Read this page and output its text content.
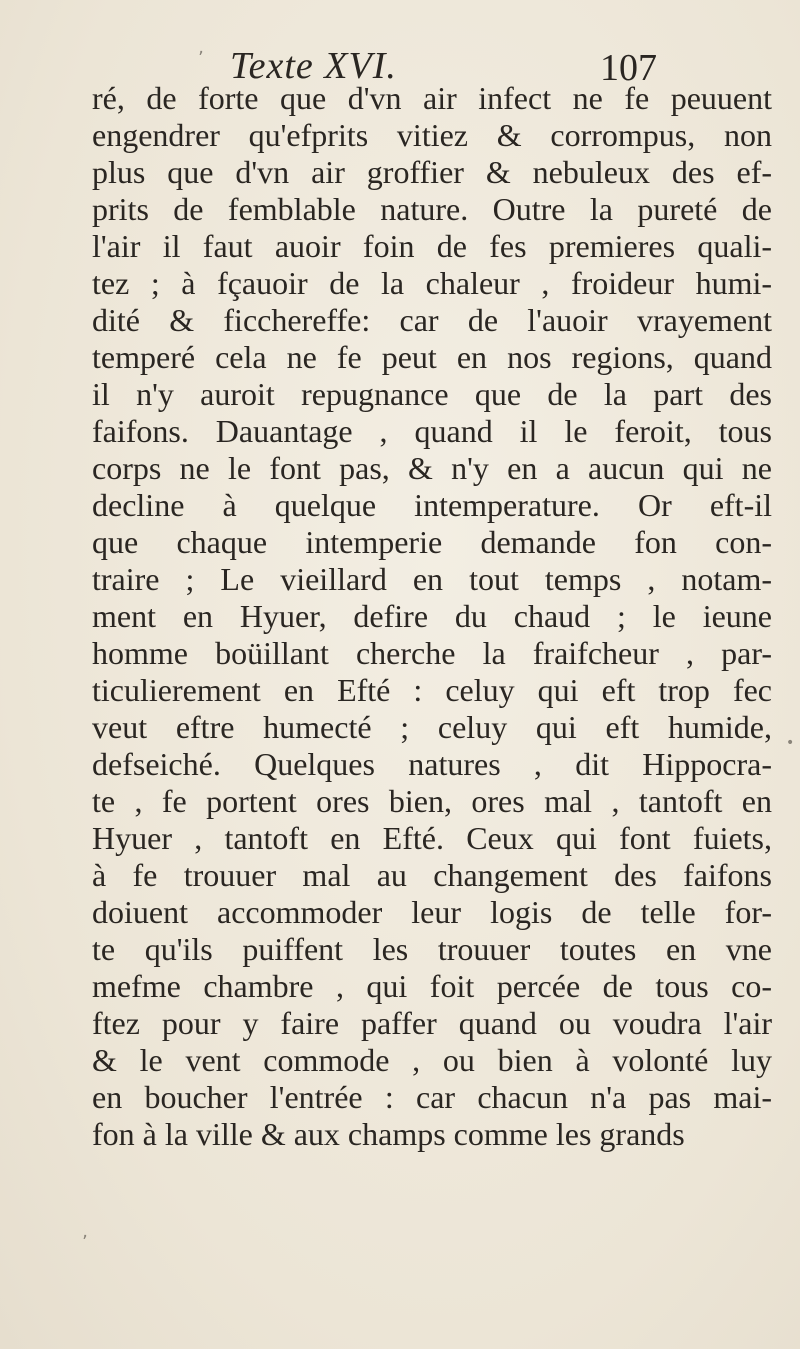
ʼ Texte XVI.	107
•
ʼ
ré, de forte que d'vn air infect ne fe peuuent
engendrer qu'efprits vitiez & corrompus, non
plus que d'vn air groffier & nebuleux des ef-
prits de femblable nature. Outre la pureté de
l'air il faut auoir foin de fes premieres quali-
tez ; à fçauoir de la chaleur , froideur humi-
dité & ficchereffe: car de l'auoir vrayement
temperé cela ne fe peut en nos regions, quand
il n'y auroit repugnance que de la part des
faifons. Dauantage , quand il le feroit, tous
corps ne le font pas, & n'y en a aucun qui ne
decline à quelque intemperature. Or eft-il
que chaque intemperie demande fon con-
traire ; Le vieillard en tout temps , notam-
ment en Hyuer, defire du chaud ; le ieune
homme boüillant cherche la fraifcheur , par-
ticulierement en Efté : celuy qui eft trop fec
veut eftre humecté ; celuy qui eft humide,
defseiché. Quelques natures , dit Hippocra-
te , fe portent ores bien, ores mal , tantoft en
Hyuer , tantoft en Efté. Ceux qui font fuiets,
à fe trouuer mal au changement des faifons
doiuent accommoder leur logis de telle for-
te qu'ils puiffent les trouuer toutes en vne
mefme chambre , qui foit percée de tous co-
ftez pour y faire paffer quand ou voudra l'air
& le vent commode , ou bien à volonté luy
en boucher l'entrée : car chacun n'a pas mai-
fon à la ville & aux champs comme les grands
